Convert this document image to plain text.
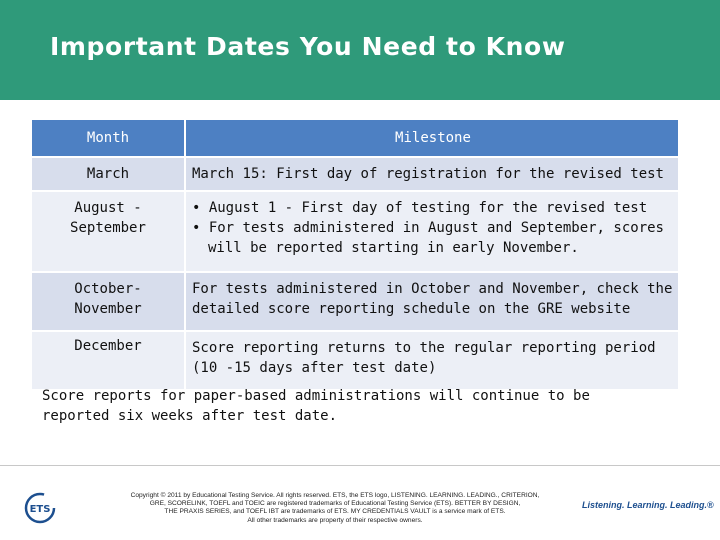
Important Dates You Need to Know
Month	Milestone
March	March 15: First day of registration for the revised test

August -
September	• August 1 - First day of testing for the revised test
• For tests administered in August and September, scores will be reported starting in early November.

October-
November	For tests administered in October and November, check the detailed score reporting schedule on the GRE website

December	Score reporting returns to the regular reporting period (10 -15 days after test date)
Score reports for paper-based administrations will continue to be reported six weeks after test date.
ETS
Copyright © 2011 by Educational Testing Service. All rights reserved. ETS, the ETS logo, LISTENING. LEARNING. LEADING., CRITERION,
GRE, SCORELINK, TOEFL and TOEIC are registered trademarks of Educational Testing Service (ETS). BETTER BY DESIGN,
THE PRAXIS SERIES, and TOEFL IBT are trademarks of ETS. MY CREDENTIALS VAULT is a service mark of ETS.
All other trademarks are property of their respective owners.
Listening. Learning. Leading.®
